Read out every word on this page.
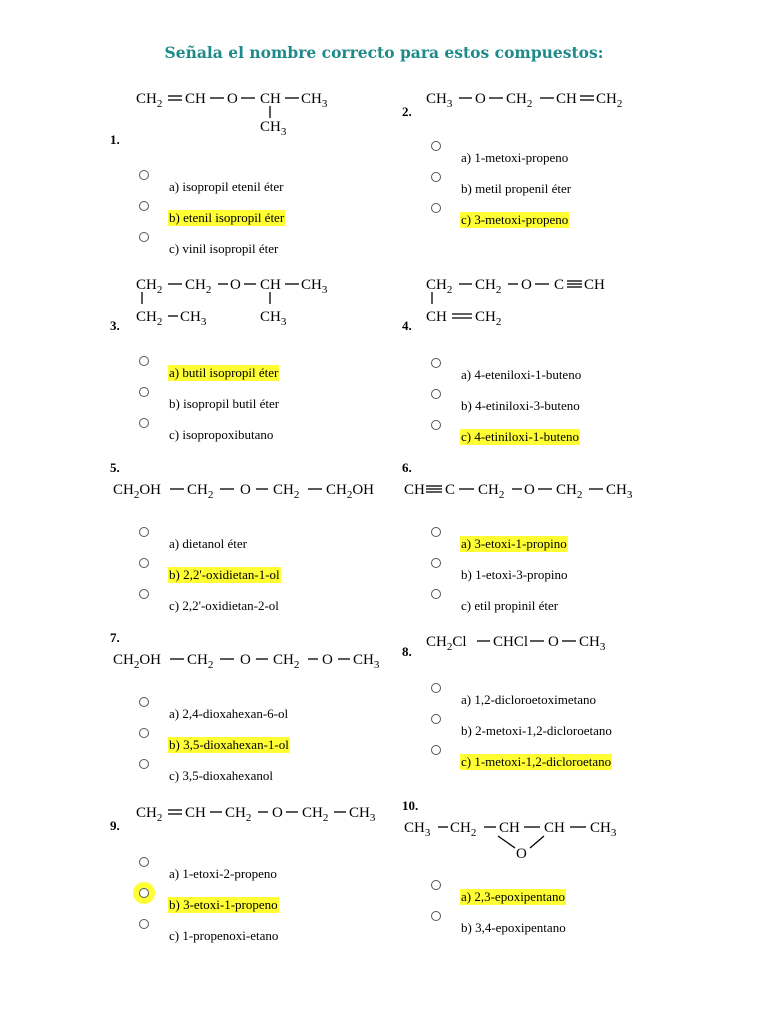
Señala el nombre correcto para estos compuestos:
1.
$CH_2$ CH O CH $CH_3$
$CH_3$
a) isopropil etenil éter
b) etenil isopropil éter
c) vinil isopropil éter
2.
$CH_3$ O $CH_2$ CH $CH_2$
a) 1-metoxi-propeno
b) metil propenil éter
c) 3-metoxi-propeno
3.
$CH_2$ $CH_2$ O CH $CH_3$
$CH_2$ $CH_3$	$CH_3$
a) butil isopropil éter
b) isopropil butil éter
c) isopropoxibutano
4.
$CH_2$ $CH_2$ O C CH
CH $CH_2$
a) 4-eteniloxi-1-buteno
b) 4-etiniloxi-3-buteno
c) 4-etiniloxi-1-buteno
5.
$CH_2OH$ $CH_2$ O $CH_2$ $CH_2OH$
a) dietanol éter
b) 2,2'-oxidietan-1-ol
c) 2,2'-oxidietan-2-ol
6.
CH C $CH_2$ O $CH_2$ $CH_3$
a) 3-etoxi-1-propino
b) 1-etoxi-3-propino
c) etil propinil éter
7.
$CH_2OH$ $CH_2$ O $CH_2$ O $CH_3$
a) 2,4-dioxahexan-6-ol
b) 3,5-dioxahexan-1-ol
c) 3,5-dioxahexanol
8.
$CH_2Cl$ CHCl O $CH_3$
a) 1,2-dicloroetoximetano
b) 2-metoxi-1,2-dicloroetano
c) 1-metoxi-1,2-dicloroetano
9.
$CH_2$ CH $CH_2$ O $CH_2$ $CH_3$
a) 1-etoxi-2-propeno
b) 3-etoxi-1-propeno
c) 1-propenoxi-etano
10.
$CH_3$ $CH_2$ CH CH $CH_3$
O
a) 2,3-epoxipentano
b) 3,4-epoxipentano
